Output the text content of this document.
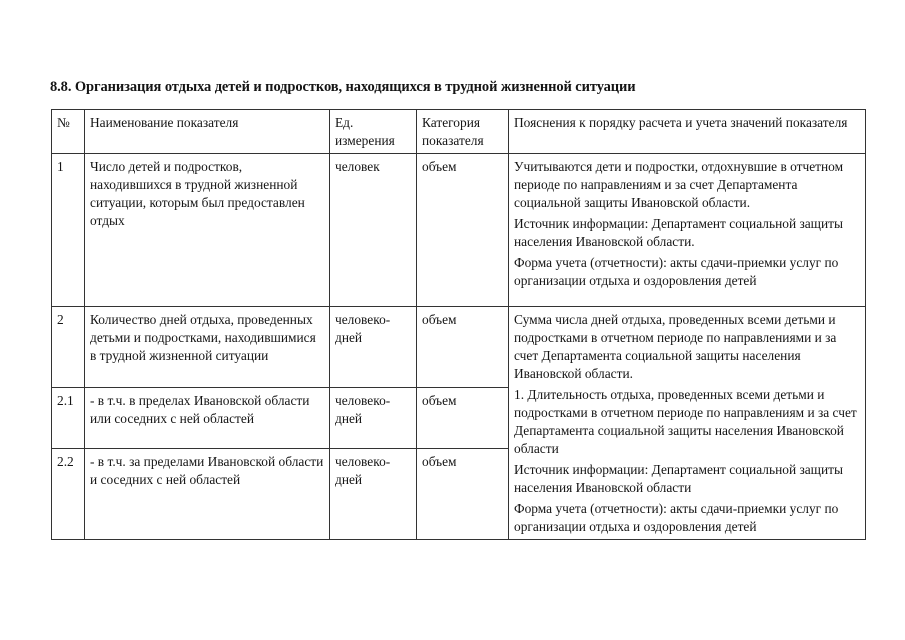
8.8. Организация отдыха детей и подростков, находящихся в трудной жизненной ситуации
№	Наименование показателя	Ед. измерения	Категория показателя	Пояснения к порядку расчета и учета значений показателя
1	Число детей и подростков, находившихся в трудной жизненной ситуации, которым был предоставлен отдых	человек	объем	Учитываются дети и подростки, отдохнувшие в отчетном периоде по направлениям и за счет Департамента социальной защиты Ивановской области.

Источник информации: Департамент социальной защиты населения Ивановской области.

Форма учета (отчетности): акты сдачи-приемки услуг по организации отдыха и оздоровления детей

2	Количество дней отдыха, проведенных детьми и подростками, находившимися в трудной жизненной ситуации	человеко-дней	объем	Сумма числа дней отдыха, проведенных всеми детьми и подростками в отчетном периоде по направлениями и за счет Департамента социальной защиты населения Ивановской области.

1. Длительность отдыха, проведенных всеми детьми и подростками в отчетном периоде по направлениям и за счет Департамента социальной защиты населения Ивановской области

Источник информации: Департамент социальной защиты населения Ивановской области

Форма учета (отчетности): акты сдачи-приемки услуг по организации отдыха и оздоровления детей

2.1	- в т.ч. в пределах Ивановской области или соседних с ней областей	человеко-дней	объем	
2.2	- в т.ч. за пределами Ивановской области и соседних с ней областей	человеко-дней	объем	
